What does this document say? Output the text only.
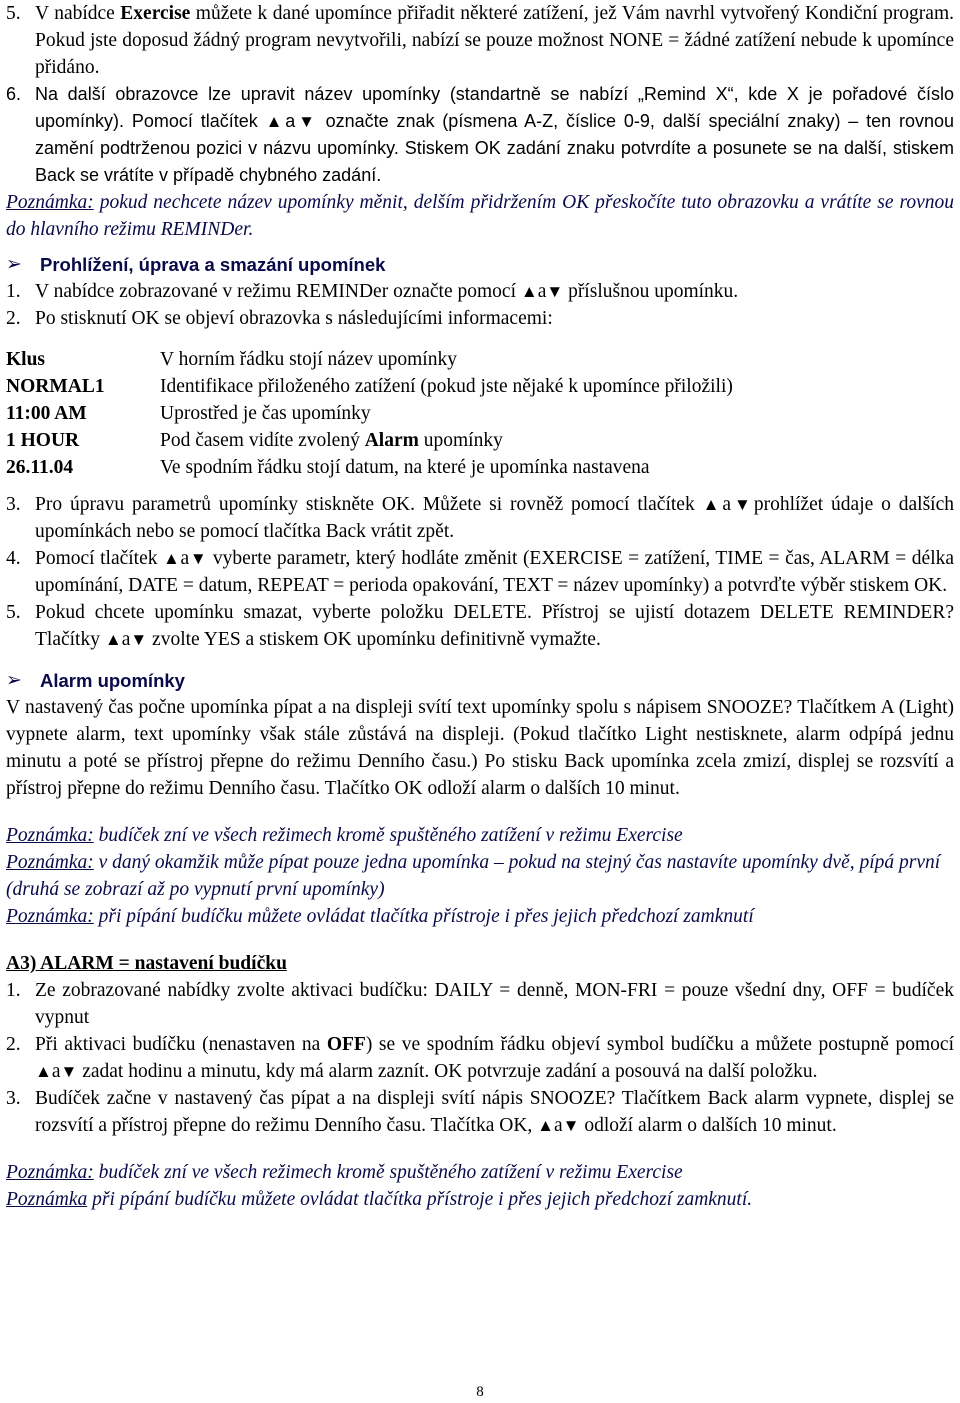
5. V nabídce Exercise můžete k dané upomínce přiřadit některé zatížení, jež Vám navrhl vytvořený Kondiční program. Pokud jste doposud žádný program nevytvořili, nabízí se pouze možnost NONE = žádné zatížení nebude k upomínce přidáno.
6. Na další obrazovce lze upravit název upomínky (standartně se nabízí „Remind X“, kde X je pořadové číslo upomínky). Pomocí tlačítek ▲a▼ označte znak (písmena A-Z, číslice 0-9, další speciální znaky) – ten rovnou zamění podtrženou pozici v názvu upomínky. Stiskem OK zadání znaku potvrdíte a posunete se na další, stiskem Back se vrátíte v případě chybného zadání.
Poznámka: pokud nechcete název upomínky měnit, delším přidržením OK přeskočíte tuto obrazovku a vrátíte se rovnou do hlavního režimu REMINDer.
➢ Prohlížení, úprava a smazání upomínek
1. V nabídce zobrazované v režimu REMINDer označte pomocí ▲a▼ příslušnou upomínku.
2. Po stisknutí OK se objeví obrazovka s následujícími informacemi:
Klus	V horním řádku stojí název upomínky
NORMAL1	Identifikace přiloženého zatížení (pokud jste nějaké k upomínce přiložili)
11:00 AM	Uprostřed je čas upomínky
1 HOUR	Pod časem vidíte zvolený Alarm upomínky
26.11.04	Ve spodním řádku stojí datum, na které je upomínka nastavena
3. Pro úpravu parametrů upomínky stiskněte OK. Můžete si rovněž pomocí tlačítek ▲a▼prohlížet údaje o dalších upomínkách nebo se pomocí tlačítka Back vrátit zpět.
4. Pomocí tlačítek ▲a▼ vyberte parametr, který hodláte změnit (EXERCISE = zatížení, TIME = čas, ALARM = délka upomínání, DATE = datum, REPEAT = perioda opakování, TEXT = název upomínky) a potvrďte výběr stiskem OK.
5. Pokud chcete upomínku smazat, vyberte položku DELETE. Přístroj se ujistí dotazem DELETE REMINDER? Tlačítky ▲a▼ zvolte YES a stiskem OK upomínku definitivně vymažte.
➢ Alarm upomínky
V nastavený čas počne upomínka pípat a na displeji svítí text upomínky spolu s nápisem SNOOZE? Tlačítkem A (Light) vypnete alarm, text upomínky však stále zůstává na displeji. (Pokud tlačítko Light nestisknete, alarm odpípá jednu minutu a poté se přístroj přepne do režimu Denního času.) Po stisku Back upomínka zcela zmizí, displej se rozsvítí a přístroj přepne do režimu Denního času. Tlačítko OK odloží alarm o dalších 10 minut.
Poznámka: budíček zní ve všech režimech kromě spuštěného zatížení v režimu Exercise
Poznámka: v daný okamžik může pípat pouze jedna upomínka – pokud na stejný čas nastavíte upomínky dvě, pípá první (druhá se zobrazí až po vypnutí první upomínky)
Poznámka: při pípání budíčku můžete ovládat tlačítka přístroje i přes jejich předchozí zamknutí
A3) ALARM = nastavení budíčku
1. Ze zobrazované nabídky zvolte aktivaci budíčku: DAILY = denně, MON-FRI = pouze všední dny, OFF = budíček vypnut
2. Při aktivaci budíčku (nenastaven na OFF) se ve spodním řádku objeví symbol budíčku a můžete postupně pomocí ▲a▼ zadat hodinu a minutu, kdy má alarm zaznít. OK potvrzuje zadání a posouvá na další položku.
3. Budíček začne v nastavený čas pípat a na displeji svítí nápis SNOOZE? Tlačítkem Back alarm vypnete, displej se rozsvítí a přístroj přepne do režimu Denního času. Tlačítka OK, ▲a▼ odloží alarm o dalších 10 minut.
Poznámka: budíček zní ve všech režimech kromě spuštěného zatížení v režimu Exercise
Poznámka při pípání budíčku můžete ovládat tlačítka přístroje i přes jejich předchozí zamknutí.
8
